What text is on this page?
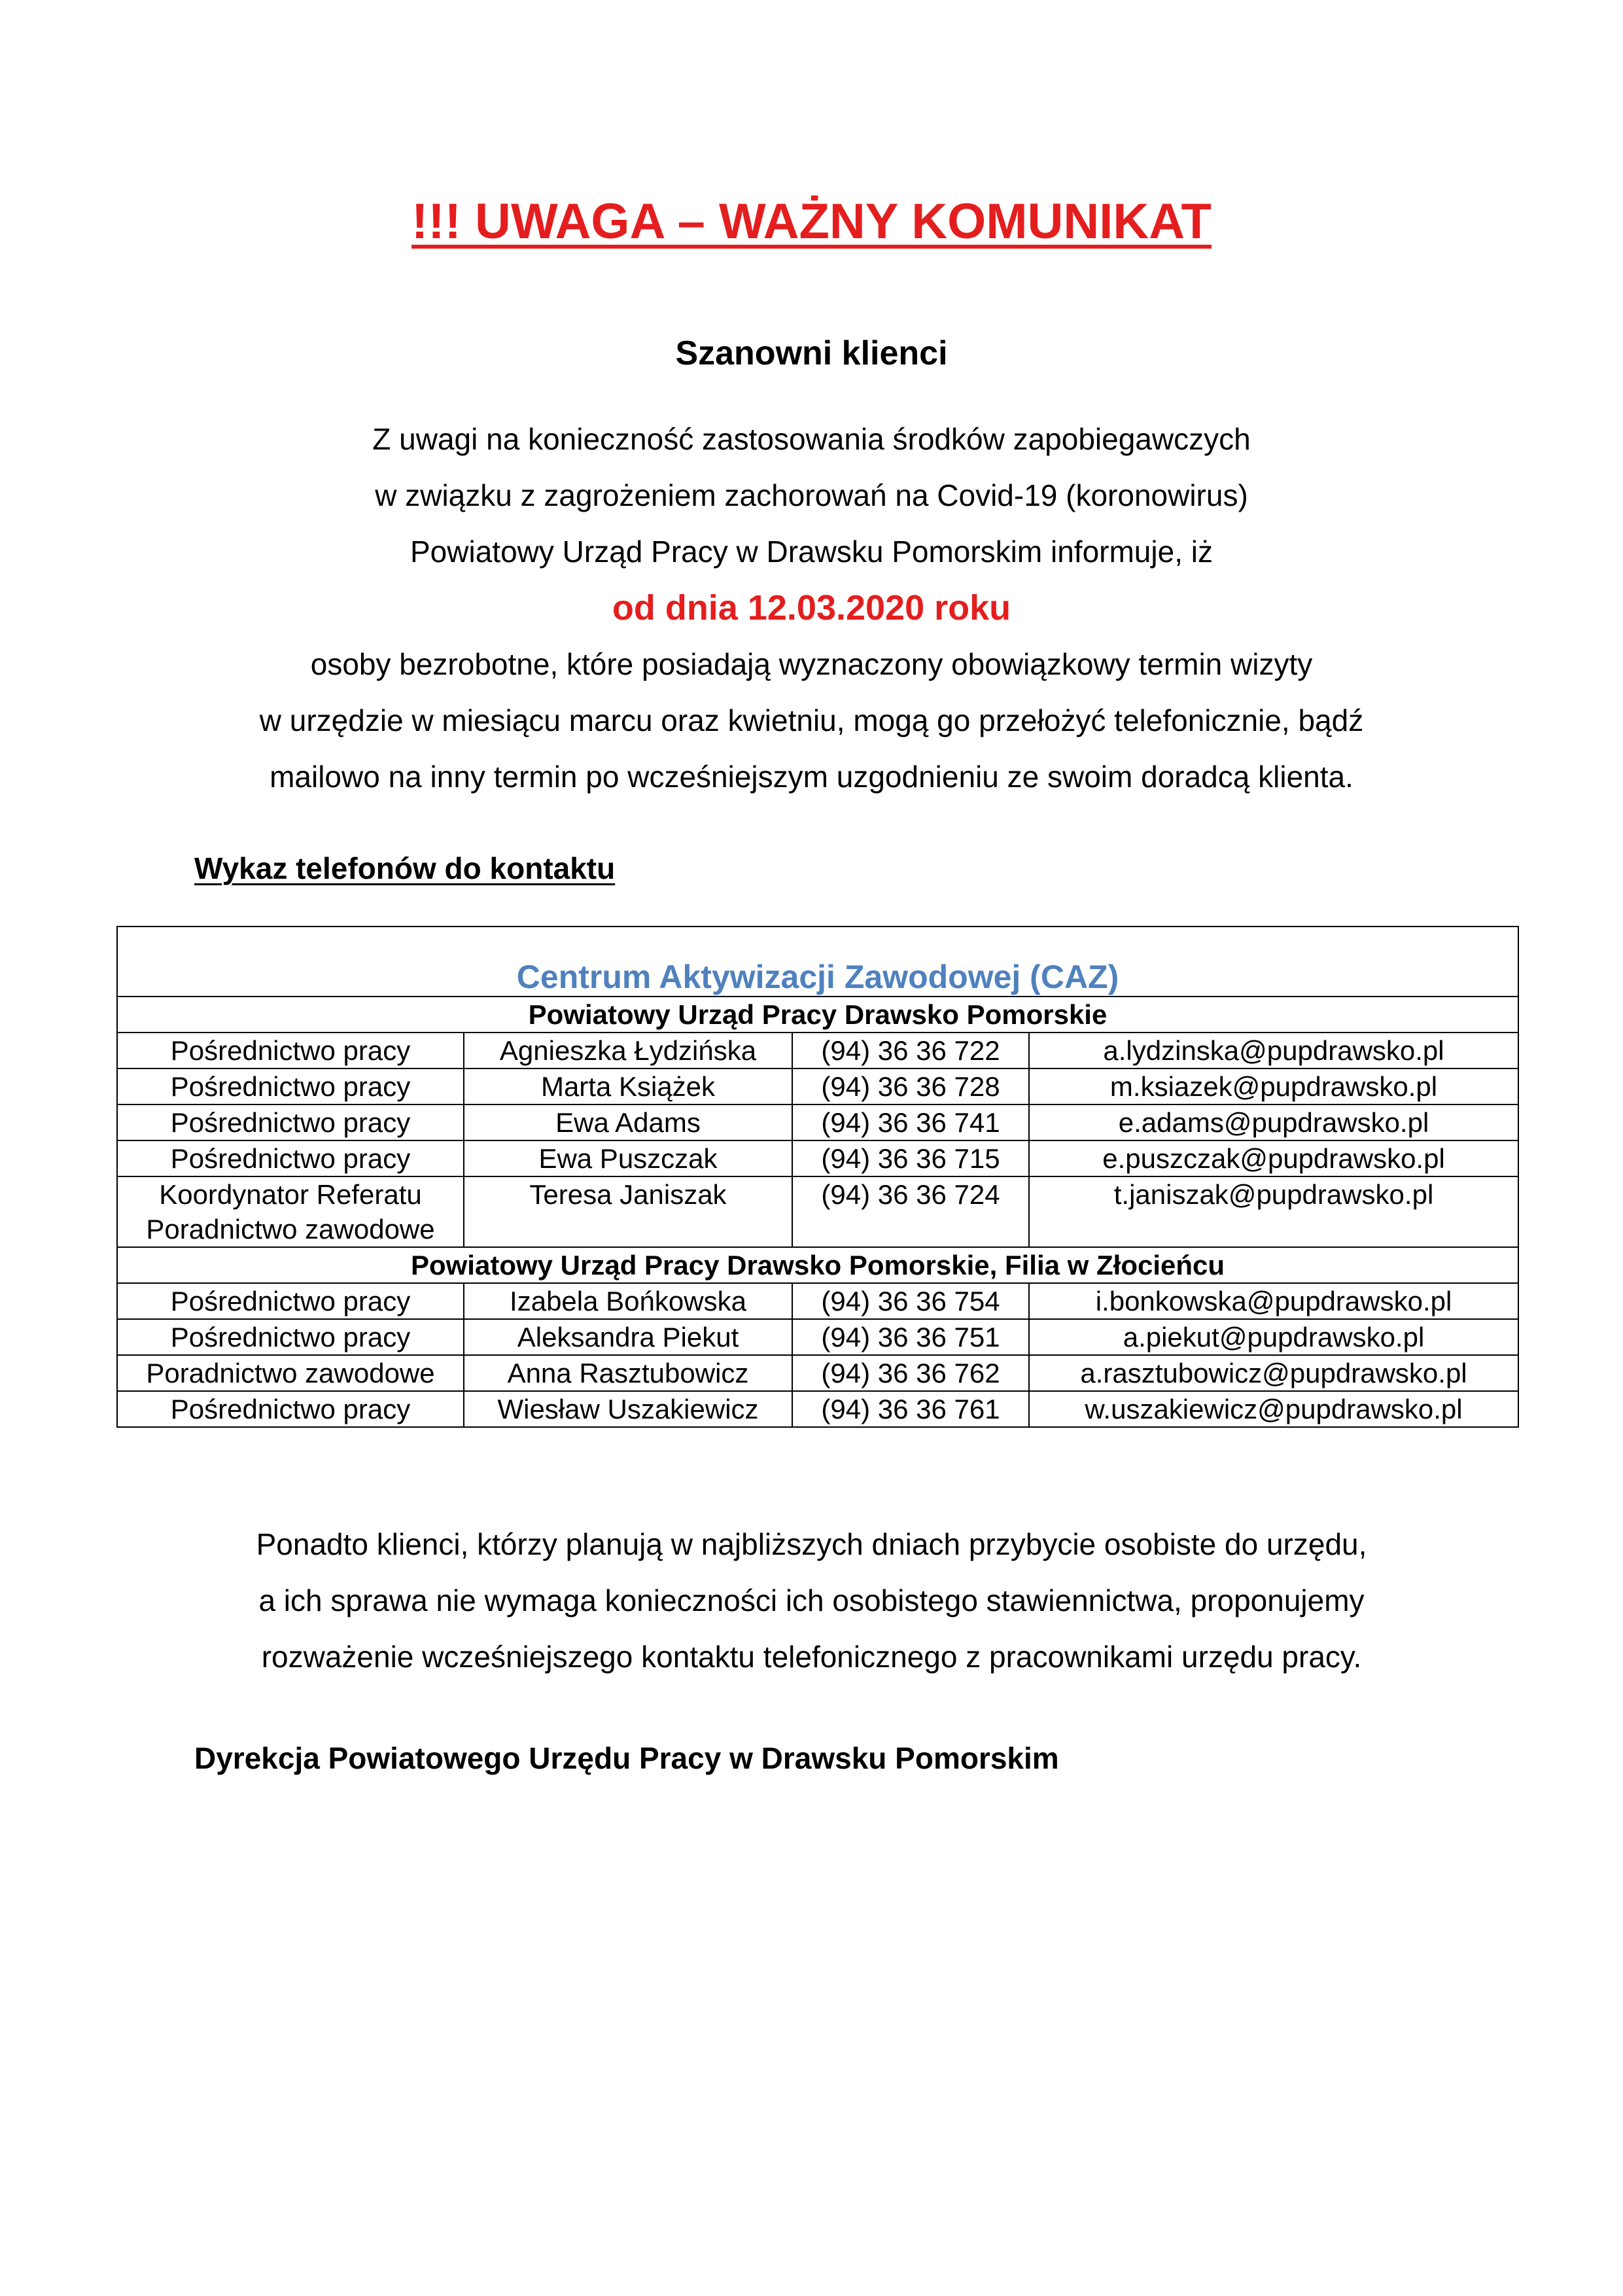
!!! UWAGA – WAŻNY KOMUNIKAT
Szanowni klienci

Z uwagi na konieczność zastosowania środków zapobiegawczych
w związku z zagrożeniem zachorowań na Covid-19 (koronowirus)
Powiatowy Urząd Pracy w Drawsku Pomorskim informuje, iż
od dnia 12.03.2020 roku
osoby bezrobotne, które posiadają wyznaczony obowiązkowy termin wizyty
w urzędzie w miesiącu marcu oraz kwietniu, mogą go przełożyć telefonicznie, bądź
mailowo na inny termin po wcześniejszym uzgodnieniu ze swoim doradcą klienta.

Wykaz telefonów do kontaktu
Centrum Aktywizacji Zawodowej (CAZ)			
Powiatowy Urząd Pracy Drawsko Pomorskie			
Pośrednictwo pracy	Agnieszka Łydzińska	(94) 36 36 722	a.lydzinska@pupdrawsko.pl
Pośrednictwo pracy	Marta Książek	(94) 36 36 728	m.ksiazek@pupdrawsko.pl
Pośrednictwo pracy	Ewa Adams	(94) 36 36 741	e.adams@pupdrawsko.pl
Pośrednictwo pracy	Ewa Puszczak	(94) 36 36 715	e.puszczak@pupdrawsko.pl

Koordynator Referatu
Poradnictwo zawodowe	Teresa Janiszak	(94) 36 36 724	t.janiszak@pupdrawsko.pl
Powiatowy Urząd Pracy Drawsko Pomorskie, Filia w Złocieńcu			
Pośrednictwo pracy	Izabela Bońkowska	(94) 36 36 754	i.bonkowska@pupdrawsko.pl
Pośrednictwo pracy	Aleksandra Piekut	(94) 36 36 751	a.piekut@pupdrawsko.pl
Poradnictwo zawodowe	Anna Rasztubowicz	(94) 36 36 762	a.rasztubowicz@pupdrawsko.pl
Pośrednictwo pracy	Wiesław Uszakiewicz	(94) 36 36 761	w.uszakiewicz@pupdrawsko.pl

Ponadto klienci, którzy planują w najbliższych dniach przybycie osobiste do urzędu,
a ich sprawa nie wymaga konieczności ich osobistego stawiennictwa, proponujemy
rozważenie wcześniejszego kontaktu telefonicznego z pracownikami urzędu pracy.

Dyrekcja Powiatowego Urzędu Pracy w Drawsku Pomorskim
